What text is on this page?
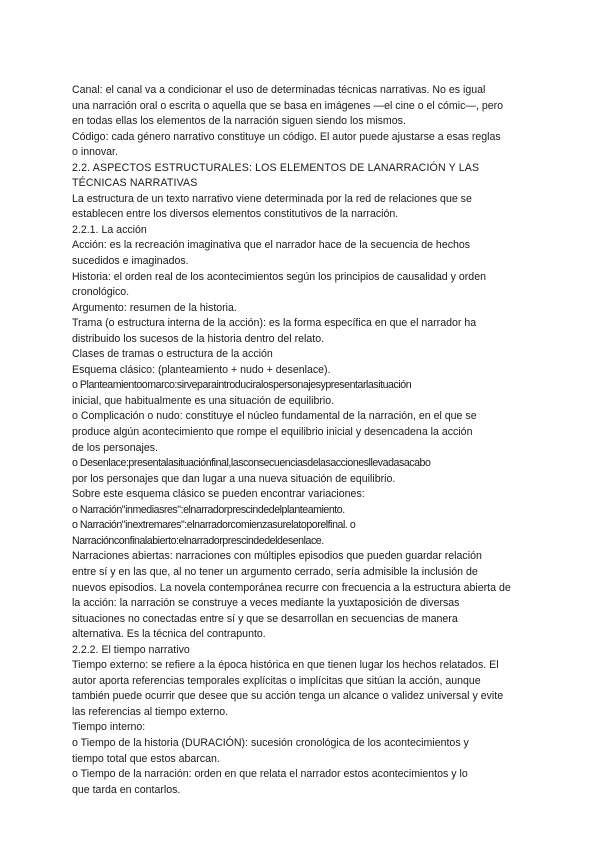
Canal: el canal va a condicionar el uso de determinadas técnicas narrativas. No es igual
una narración oral o escrita o aquella que se basa en imágenes —el cine o el cómic—, pero
en todas ellas los elementos de la narración siguen siendo los mismos.
Código: cada género narrativo constituye un código. El autor puede ajustarse a esas reglas
o innovar.
2.2. ASPECTOS ESTRUCTURALES: LOS ELEMENTOS DE LANARRACIÓN Y LAS
TÉCNICAS NARRATIVAS
La estructura de un texto narrativo viene determinada por la red de relaciones que se
establecen entre los diversos elementos constitutivos de la narración.
2.2.1. La acción
Acción: es la recreación imaginativa que el narrador hace de la secuencia de hechos
sucedidos e imaginados.
Historia: el orden real de los acontecimientos según los principios de causalidad y orden
cronológico.
Argumento: resumen de la historia.
Trama (o estructura interna de la acción): es la forma específica en que el narrador ha
distribuido los sucesos de la historia dentro del relato.
Clases de tramas o estructura de la acción
Esquema clásico: (planteamiento + nudo + desenlace).
o Planteamientoomarco:sirveparaintroduciralospersonajesypresentarlasituación
inicial, que habitualmente es una situación de equilibrio.
o Complicación o nudo: constituye el núcleo fundamental de la narración, en el que se
produce algún acontecimiento que rompe el equilibrio inicial y desencadena la acción
de los personajes.
o Desenlace:presentalasituaciónfinal,lasconsecuenciasdelasaccionesllevadasacabo
por los personajes que dan lugar a una nueva situación de equilibrio.
Sobre este esquema clásico se pueden encontrar variaciones:
o Narración"inmediasres":elnarradorprescindedelplanteamiento.
o Narración"inextremares":elnarradorcomienzasurelatoporelfinal. o
Narraciónconfinalabierto:elnarradorprescindedeldesenlace.
Narraciones abiertas: narraciones con múltiples episodios que pueden guardar relación
entre sí y en las que, al no tener un argumento cerrado, sería admisible la inclusión de
nuevos episodios. La novela contemporánea recurre con frecuencia a la estructura abierta de
la acción: la narración se construye a veces mediante la yuxtaposición de diversas
situaciones no conectadas entre sí y que se desarrollan en secuencias de manera
alternativa. Es la técnica del contrapunto.
2.2.2. El tiempo narrativo
Tiempo externo: se refiere a la época histórica en que tienen lugar los hechos relatados. El
autor aporta referencias temporales explícitas o implícitas que sitúan la acción, aunque
también puede ocurrir que desee que su acción tenga un alcance o validez universal y evite
las referencias al tiempo externo.
Tiempo interno:
o Tiempo de la historia (DURACIÓN): sucesión cronológica de los acontecimientos y
tiempo total que estos abarcan.
o Tiempo de la narración: orden en que relata el narrador estos acontecimientos y lo
que tarda en contarlos.
